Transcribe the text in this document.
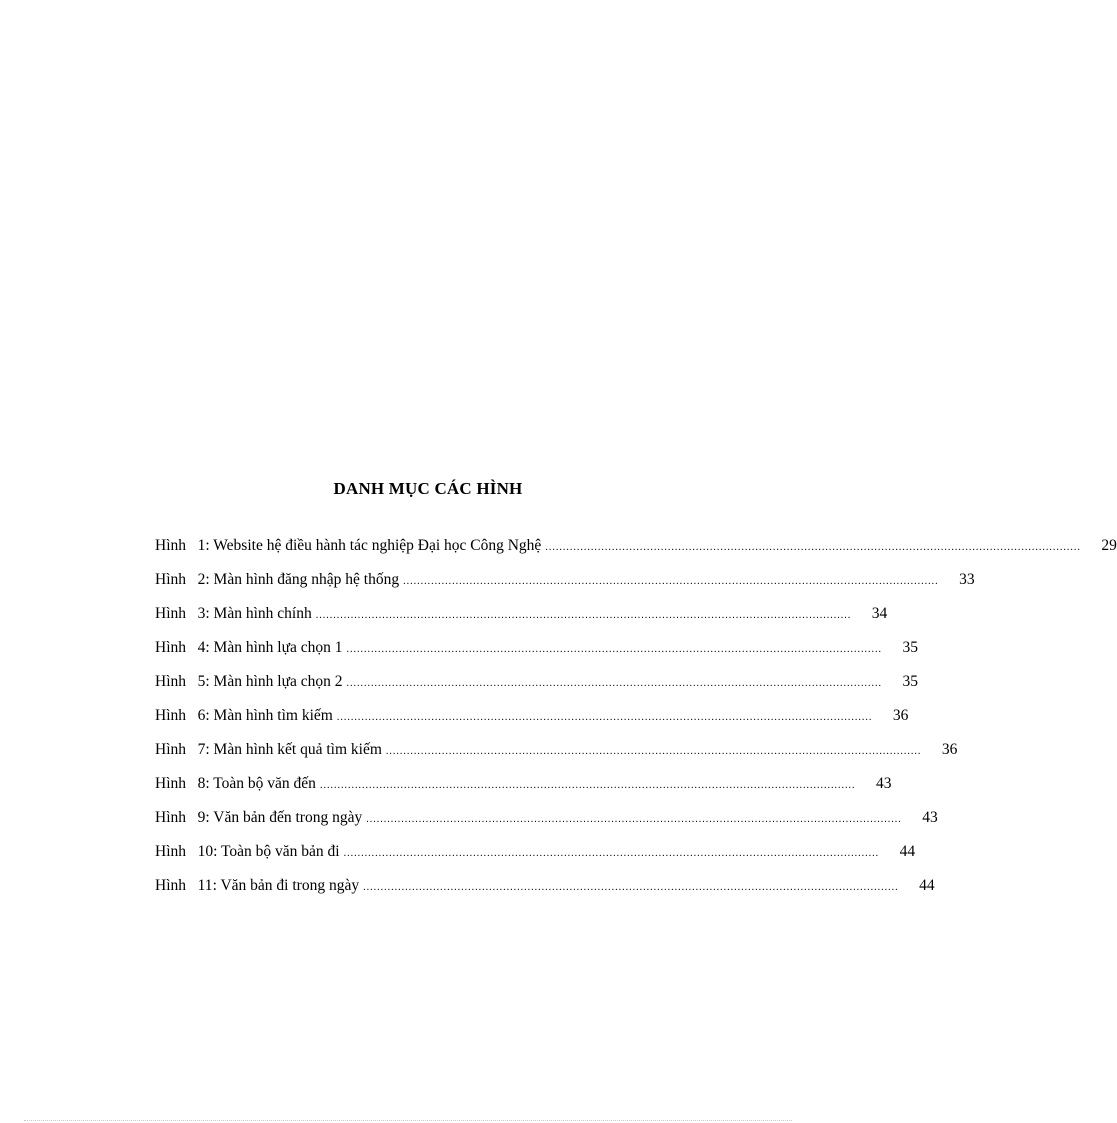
DANH MỤC CÁC HÌNH
Hình 1: Website hệ điều hành tác nghiệp Đại học Công Nghệ .........................................................................................................................................................	29
Hình 2: Màn hình đăng nhập hệ thống .........................................................................................................................................................	33
Hình 3: Màn hình chính .........................................................................................................................................................	34
Hình 4: Màn hình lựa chọn 1 .........................................................................................................................................................	35
Hình 5: Màn hình lựa chọn 2 .........................................................................................................................................................	35
Hình 6: Màn hình tìm kiếm .........................................................................................................................................................	36
Hình 7: Màn hình kết quả tìm kiếm .........................................................................................................................................................	36
Hình 8: Toàn bộ văn đến .........................................................................................................................................................	43
Hình 9: Văn bản đến trong ngày .........................................................................................................................................................	43
Hình 10: Toàn bộ văn bản đi .........................................................................................................................................................	44
Hình 11: Văn bản đi trong ngày .........................................................................................................................................................	44
